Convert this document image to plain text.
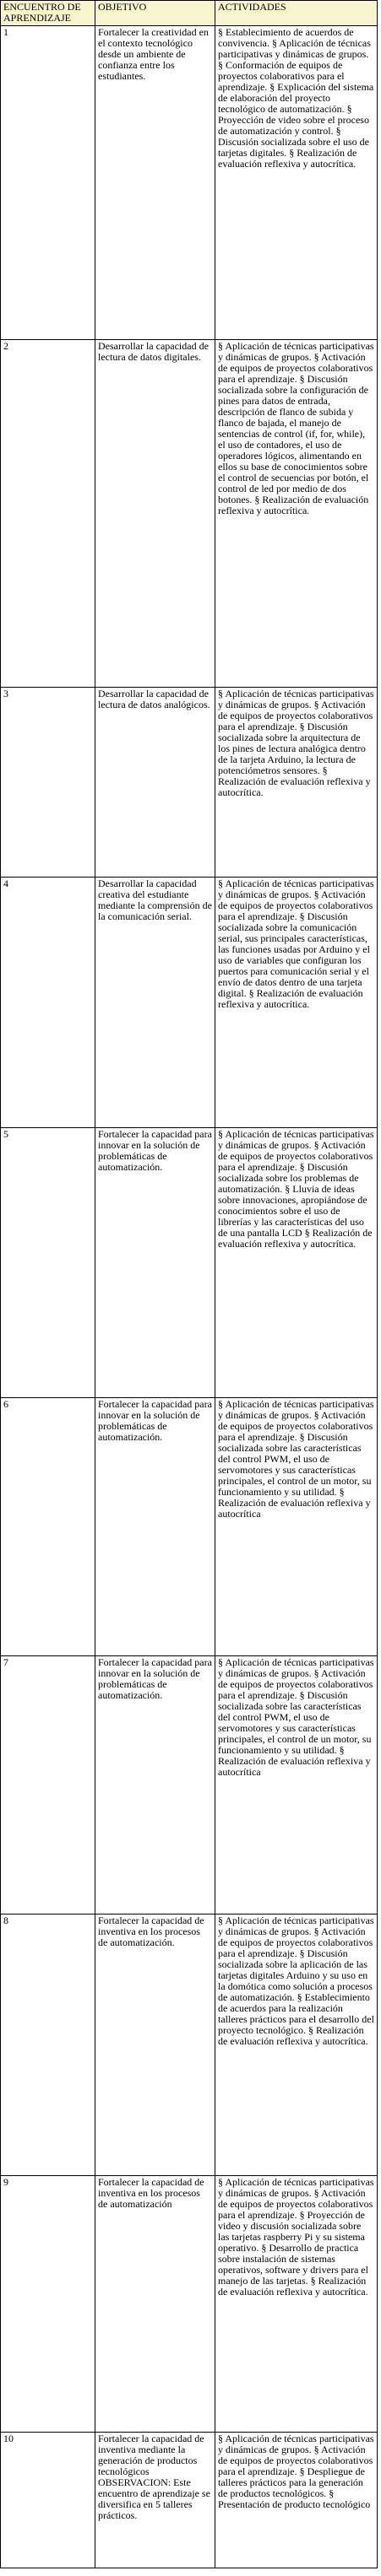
ENCUENTRO DE APRENDIZAJE	OBJETIVO	ACTIVIDADES
1	Fortalecer la creatividad en el contexto tecnológico desde un ambiente de confianza entre los estudiantes.	§ Establecimiento de acuerdos de convivencia. § Aplicación de técnicas participativas y dinámicas de grupos. § Conformación de equipos de proyectos colaborativos para el aprendizaje. § Explicación del sistema de elaboración del proyecto tecnológico de automatización. § Proyección de video sobre el proceso de automatización y control. § Discusión socializada sobre el uso de tarjetas digitales. § Realización de evaluación reflexiva y autocrítica.
2	Desarrollar la capacidad de lectura de datos digitales.	§ Aplicación de técnicas participativas y dinámicas de grupos. § Activación de equipos de proyectos colaborativos para el aprendizaje. § Discusión socializada sobre la configuración de pines para datos de entrada, descripción de flanco de subida y flanco de bajada, el manejo de sentencias de control (if, for, while), el uso de contadores, el uso de operadores lógicos, alimentando en ellos su base de conocimientos sobre el control de secuencias por botón, el control de led por medio de dos botones. § Realización de evaluación reflexiva y autocrítica.
3	Desarrollar la capacidad de lectura de datos analógicos.	§ Aplicación de técnicas participativas y dinámicas de grupos. § Activación de equipos de proyectos colaborativos para el aprendizaje. § Discusión socializada sobre la arquitectura de los pines de lectura analógica dentro de la tarjeta Arduino, la lectura de potenciómetros sensores. § Realización de evaluación reflexiva y autocrítica.
4	Desarrollar la capacidad creativa del estudiante mediante la comprensión de la comunicación serial.	§ Aplicación de técnicas participativas y dinámicas de grupos. § Activación de equipos de proyectos colaborativos para el aprendizaje. § Discusión socializada sobre la comunicación serial, sus principales características, las funciones usadas por Arduino y el uso de variables que configuran los puertos para comunicación serial y el envío de datos dentro de una tarjeta digital. § Realización de evaluación reflexiva y autocrítica.
5	Fortalecer la capacidad para innovar en la solución de problemáticas de automatización.	§ Aplicación de técnicas participativas y dinámicas de grupos. § Activación de equipos de proyectos colaborativos para el aprendizaje. § Discusión socializada sobre los problemas de automatización. § Lluvia de ideas sobre innovaciones, apropiándose de conocimientos sobre el uso de librerías y las características del uso de una pantalla LCD § Realización de evaluación reflexiva y autocrítica.
6	Fortalecer la capacidad para innovar en la solución de problemáticas de automatización.	§ Aplicación de técnicas participativas y dinámicas de grupos. § Activación de equipos de proyectos colaborativos para el aprendizaje. § Discusión socializada sobre las características del control PWM, el uso de servomotores y sus características principales, el control de un motor, su funcionamiento y su utilidad. § Realización de evaluación reflexiva y autocrítica
7	Fortalecer la capacidad para innovar en la solución de problemáticas de automatización.	§ Aplicación de técnicas participativas y dinámicas de grupos. § Activación de equipos de proyectos colaborativos para el aprendizaje. § Discusión socializada sobre las características del control PWM, el uso de servomotores y sus características principales, el control de un motor, su funcionamiento y su utilidad. § Realización de evaluación reflexiva y autocrítica
8	Fortalecer la capacidad de inventiva en los procesos de automatización.	§ Aplicación de técnicas participativas y dinámicas de grupos. § Activación de equipos de proyectos colaborativos para el aprendizaje. § Discusión socializada sobre la aplicación de las tarjetas digitales Arduino y su uso en la domótica como solución a procesos de automatización. § Establecimiento de acuerdos para la realización talleres prácticos para el desarrollo del proyecto tecnológico. § Realización de evaluación reflexiva y autocrítica.
9	Fortalecer la capacidad de inventiva en los procesos de automatización	§ Aplicación de técnicas participativas y dinámicas de grupos. § Activación de equipos de proyectos colaborativos para el aprendizaje. § Proyección de video y discusión socializada sobre las tarjetas raspberry Pi y su sistema operativo. § Desarrollo de practica sobre instalación de sistemas operativos, software y drivers para el manejo de las tarjetas. § Realización de evaluación reflexiva y autocrítica.
10	Fortalecer la capacidad de inventiva mediante la generación de productos tecnológicos OBSERVACION: Este encuentro de aprendizaje se diversifica en 5 talleres prácticos.	§ Aplicación de técnicas participativas y dinámicas de grupos. § Activación de equipos de proyectos colaborativos para el aprendizaje. § Despliegue de talleres prácticos para la generación de productos tecnológicos. § Presentación de producto tecnológico
